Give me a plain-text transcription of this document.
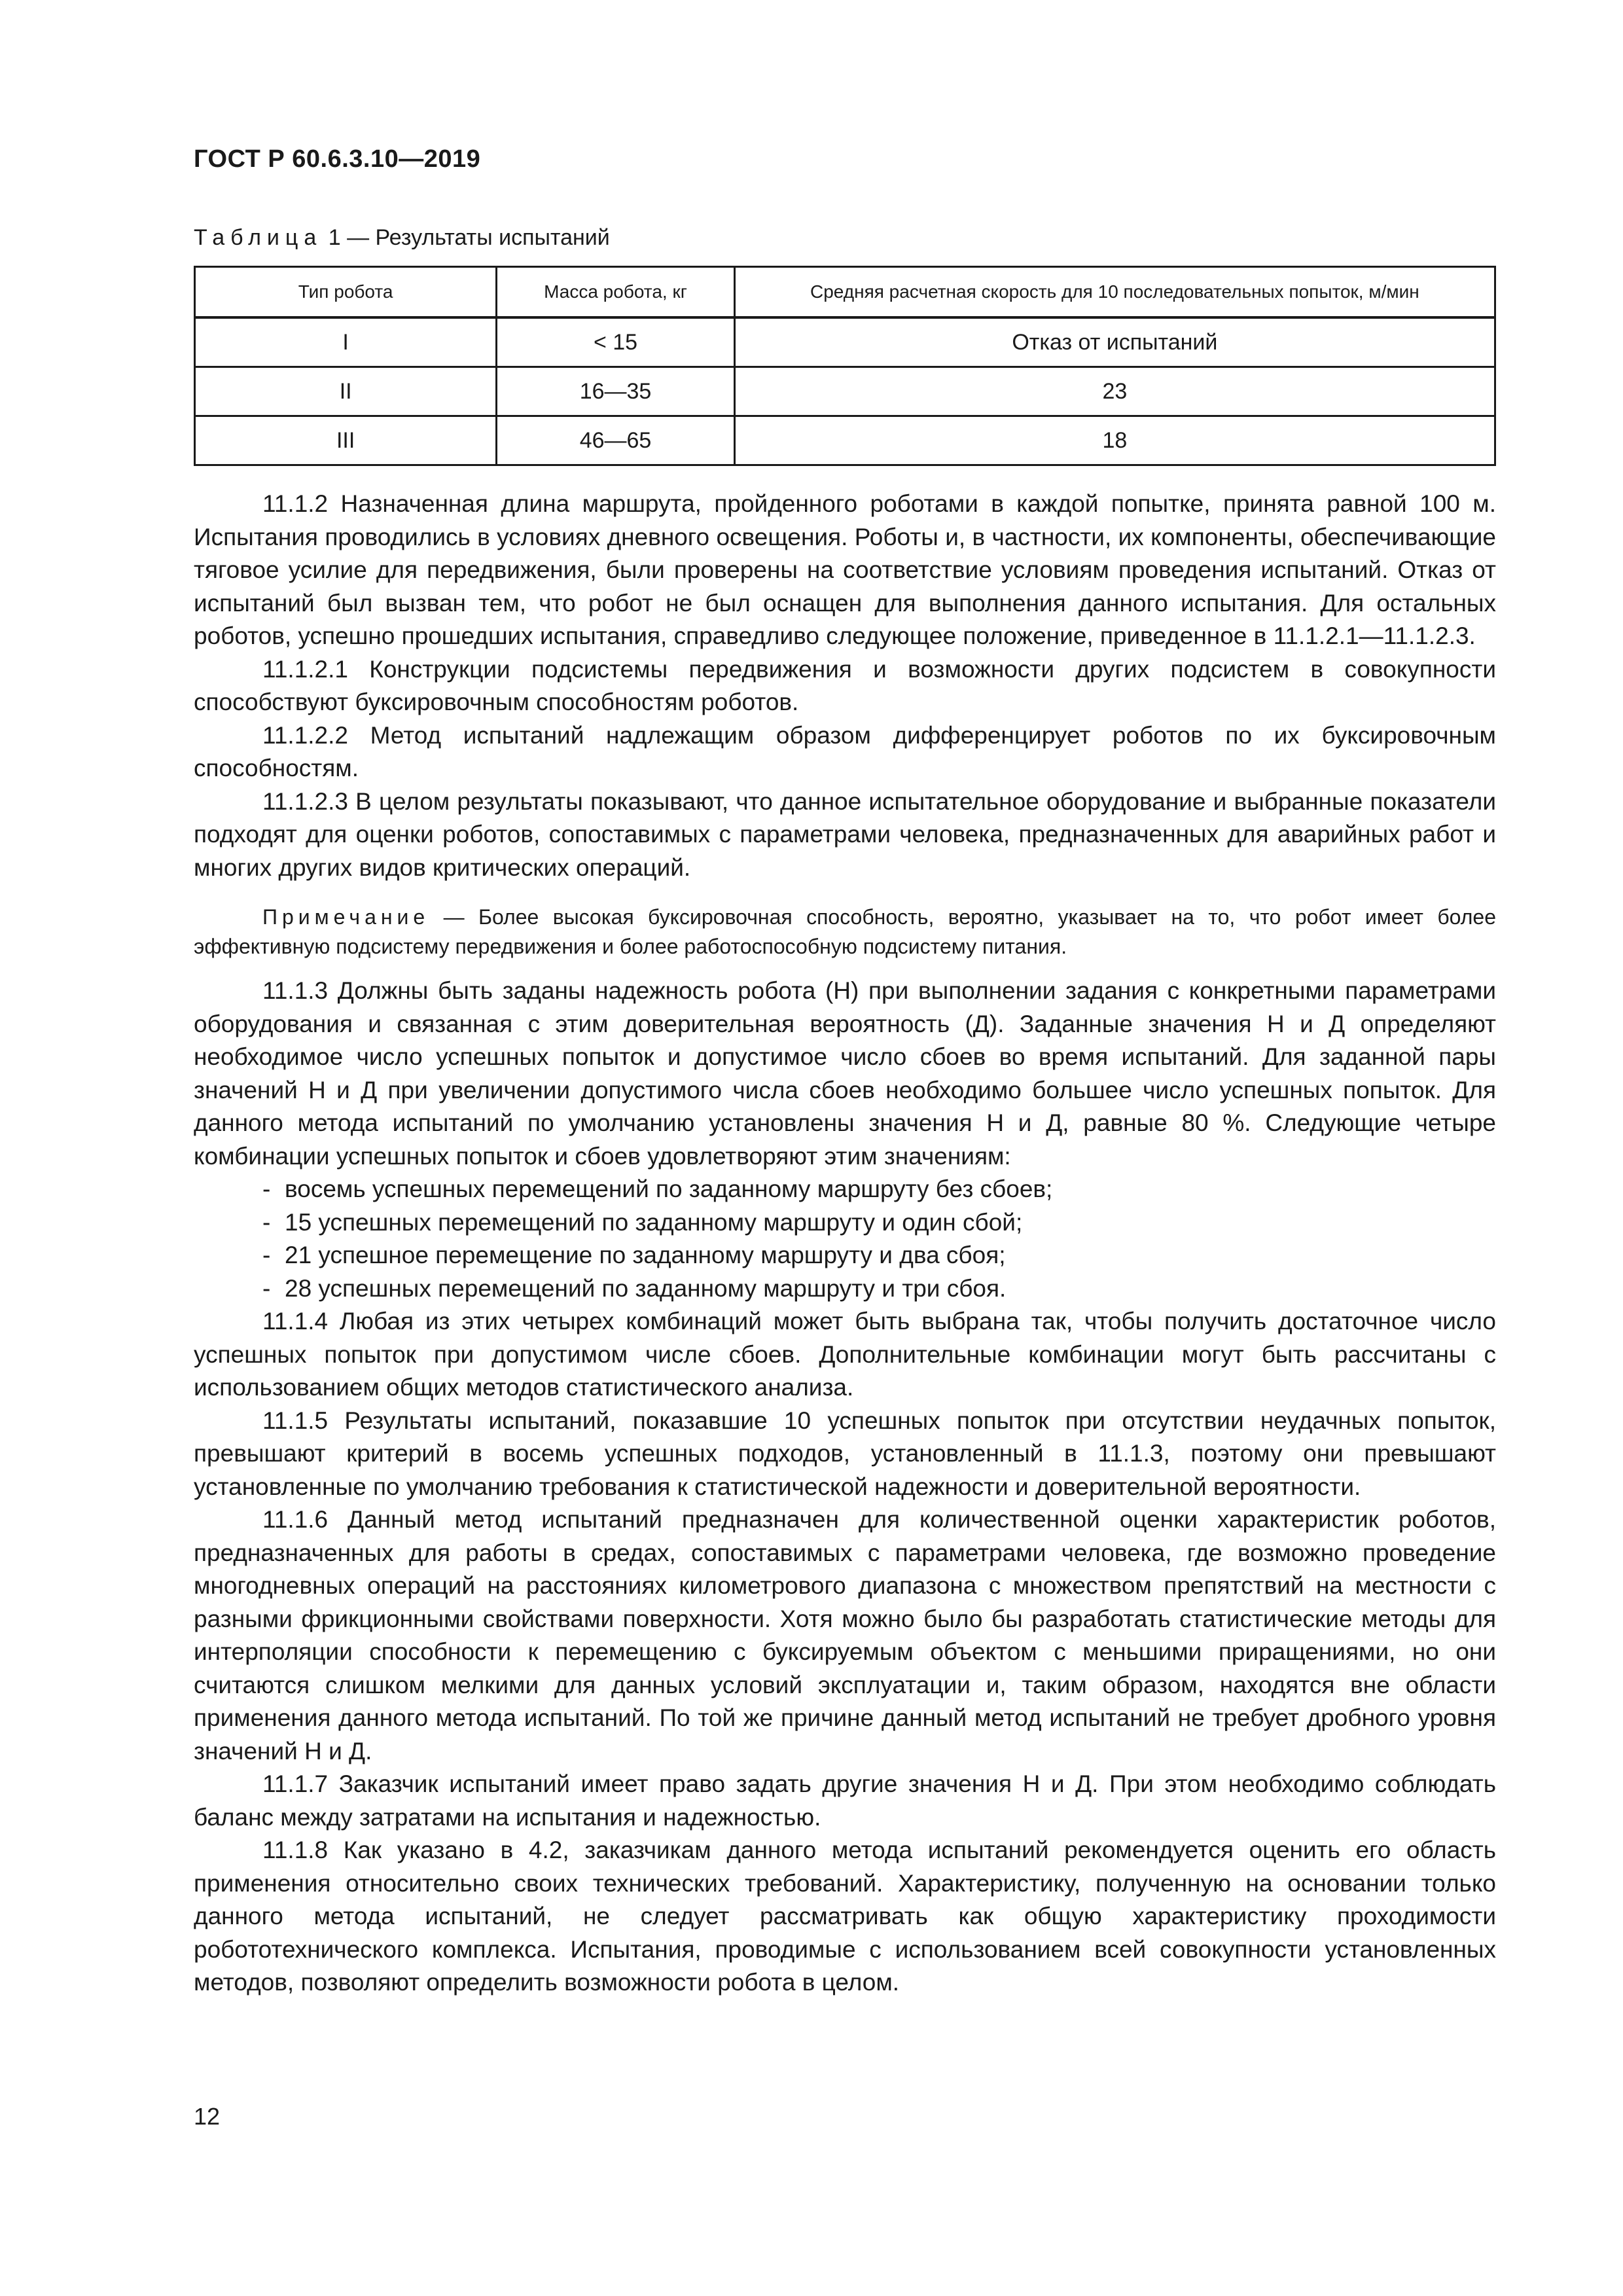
ГОСТ Р 60.6.3.10—2019
Таблица 1 — Результаты испытаний
Тип робота	Масса робота, кг	Средняя расчетная скорость для 10 последовательных попыток, м/мин
I	< 15	Отказ от испытаний
II	16—35	23
III	46—65	18

11.1.2 Назначенная длина маршрута, пройденного роботами в каждой попытке, принята равной 100 м. Испытания проводились в условиях дневного освещения. Роботы и, в частности, их компоненты, обеспечивающие тяговое усилие для передвижения, были проверены на соответствие условиям проведения испытаний. Отказ от испытаний был вызван тем, что робот не был оснащен для выполнения данного испытания. Для остальных роботов, успешно прошедших испытания, справедливо следующее положение, приведенное в 11.1.2.1—11.1.2.3.

11.1.2.1 Конструкции подсистемы передвижения и возможности других подсистем в совокупности способствуют буксировочным способностям роботов.

11.1.2.2 Метод испытаний надлежащим образом дифференцирует роботов по их буксировочным способностям.

11.1.2.3 В целом результаты показывают, что данное испытательное оборудование и выбранные показатели подходят для оценки роботов, сопоставимых с параметрами человека, предназначенных для аварийных работ и многих других видов критических операций.

Примечание — Более высокая буксировочная способность, вероятно, указывает на то, что робот имеет более эффективную подсистему передвижения и более работоспособную подсистему питания.

11.1.3 Должны быть заданы надежность робота (Н) при выполнении задания с конкретными параметрами оборудования и связанная с этим доверительная вероятность (Д). Заданные значения Н и Д определяют необходимое число успешных попыток и допустимое число сбоев во время испытаний. Для заданной пары значений Н и Д при увеличении допустимого числа сбоев необходимо большее число успешных попыток. Для данного метода испытаний по умолчанию установлены значения Н и Д, равные 80 %. Следующие четыре комбинации успешных попыток и сбоев удовлетворяют этим значениям:

- восемь успешных перемещений по заданному маршруту без сбоев;
- 15 успешных перемещений по заданному маршруту и один сбой;
- 21 успешное перемещение по заданному маршруту и два сбоя;
- 28 успешных перемещений по заданному маршруту и три сбоя.

11.1.4 Любая из этих четырех комбинаций может быть выбрана так, чтобы получить достаточное число успешных попыток при допустимом числе сбоев. Дополнительные комбинации могут быть рассчитаны с использованием общих методов статистического анализа.

11.1.5 Результаты испытаний, показавшие 10 успешных попыток при отсутствии неудачных попыток, превышают критерий в восемь успешных подходов, установленный в 11.1.3, поэтому они превышают установленные по умолчанию требования к статистической надежности и доверительной вероятности.

11.1.6 Данный метод испытаний предназначен для количественной оценки характеристик роботов, предназначенных для работы в средах, сопоставимых с параметрами человека, где возможно проведение многодневных операций на расстояниях километрового диапазона с множеством препятствий на местности с разными фрикционными свойствами поверхности. Хотя можно было бы разработать статистические методы для интерполяции способности к перемещению с буксируемым объектом с меньшими приращениями, но они считаются слишком мелкими для данных условий эксплуатации и, таким образом, находятся вне области применения данного метода испытаний. По той же причине данный метод испытаний не требует дробного уровня значений Н и Д.

11.1.7 Заказчик испытаний имеет право задать другие значения Н и Д. При этом необходимо соблюдать баланс между затратами на испытания и надежностью.

11.1.8 Как указано в 4.2, заказчикам данного метода испытаний рекомендуется оценить его область применения относительно своих технических требований. Характеристику, полученную на основании только данного метода испытаний, не следует рассматривать как общую характеристику проходимости робототехнического комплекса. Испытания, проводимые с использованием всей совокупности установленных методов, позволяют определить возможности робота в целом.

12
